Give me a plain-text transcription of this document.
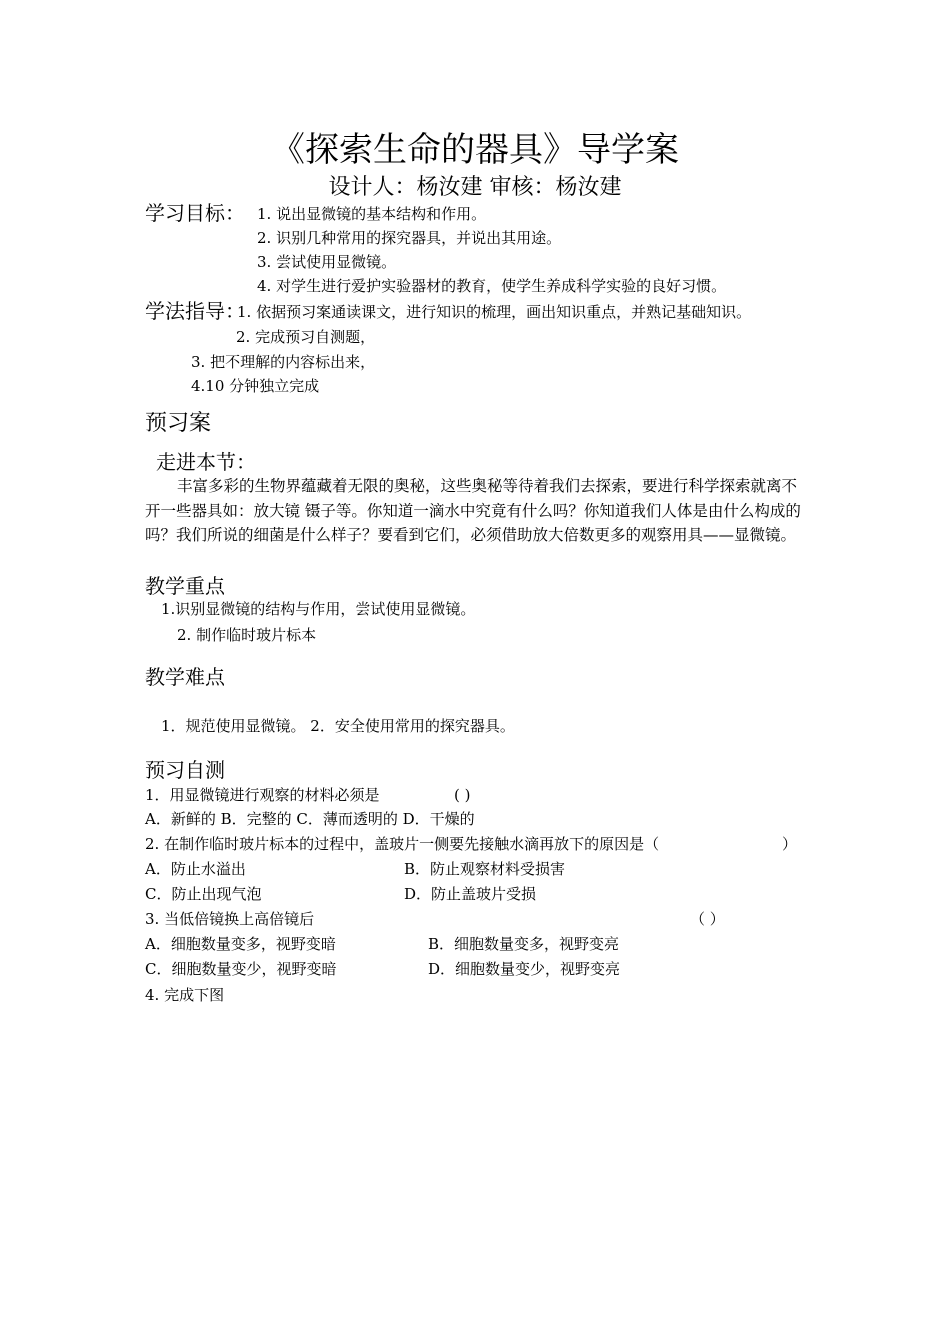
《探索生命的器具》导学案
设计人：杨汝建 审核：杨汝建
学习目标： 1. 说出显微镜的基本结构和作用。
2. 识别几种常用的探究器具，并说出其用途。
3. 尝试使用显微镜。
4. 对学生进行爱护实验器材的教育，使学生养成科学实验的良好习惯。
学法指导：
1. 依据预习案通读课文，进行知识的梳理，画出知识重点，并熟记基础知识。
2. 完成预习自测题，
3. 把不理解的内容标出来，
4.10 分钟独立完成
预习案
走进本节：
丰富多彩的生物界蕴藏着无限的奥秘，这些奥秘等待着我们去探索，要进行科学探索就离不开一些器具如：放大镜 镊子等。你知道一滴水中究竟有什么吗？你知道我们人体是由什么构成的吗？我们所说的细菌是什么样子？要看到它们，必须借助放大倍数更多的观察用具——显微镜。
教学重点
1.识别显微镜的结构与作用，尝试使用显微镜。
2. 制作临时玻片标本
教学难点
1．规范使用显微镜。 2．安全使用常用的探究器具。
预习自测
1．用显微镜进行观察的材料必须是	( )
A．新鲜的 B．完整的 C．薄而透明的 D．干燥的
2. 在制作临时玻片标本的过程中，盖玻片一侧要先接触水滴再放下的原因是（	）
A．防止水溢出	B．防止观察材料受损害
C．防止出现气泡	D．防止盖玻片受损
3. 当低倍镜换上高倍镜后	（ ）
A．细胞数量变多，视野变暗	B．细胞数量变多，视野变亮
C．细胞数量变少，视野变暗	D．细胞数量变少，视野变亮
4. 完成下图
